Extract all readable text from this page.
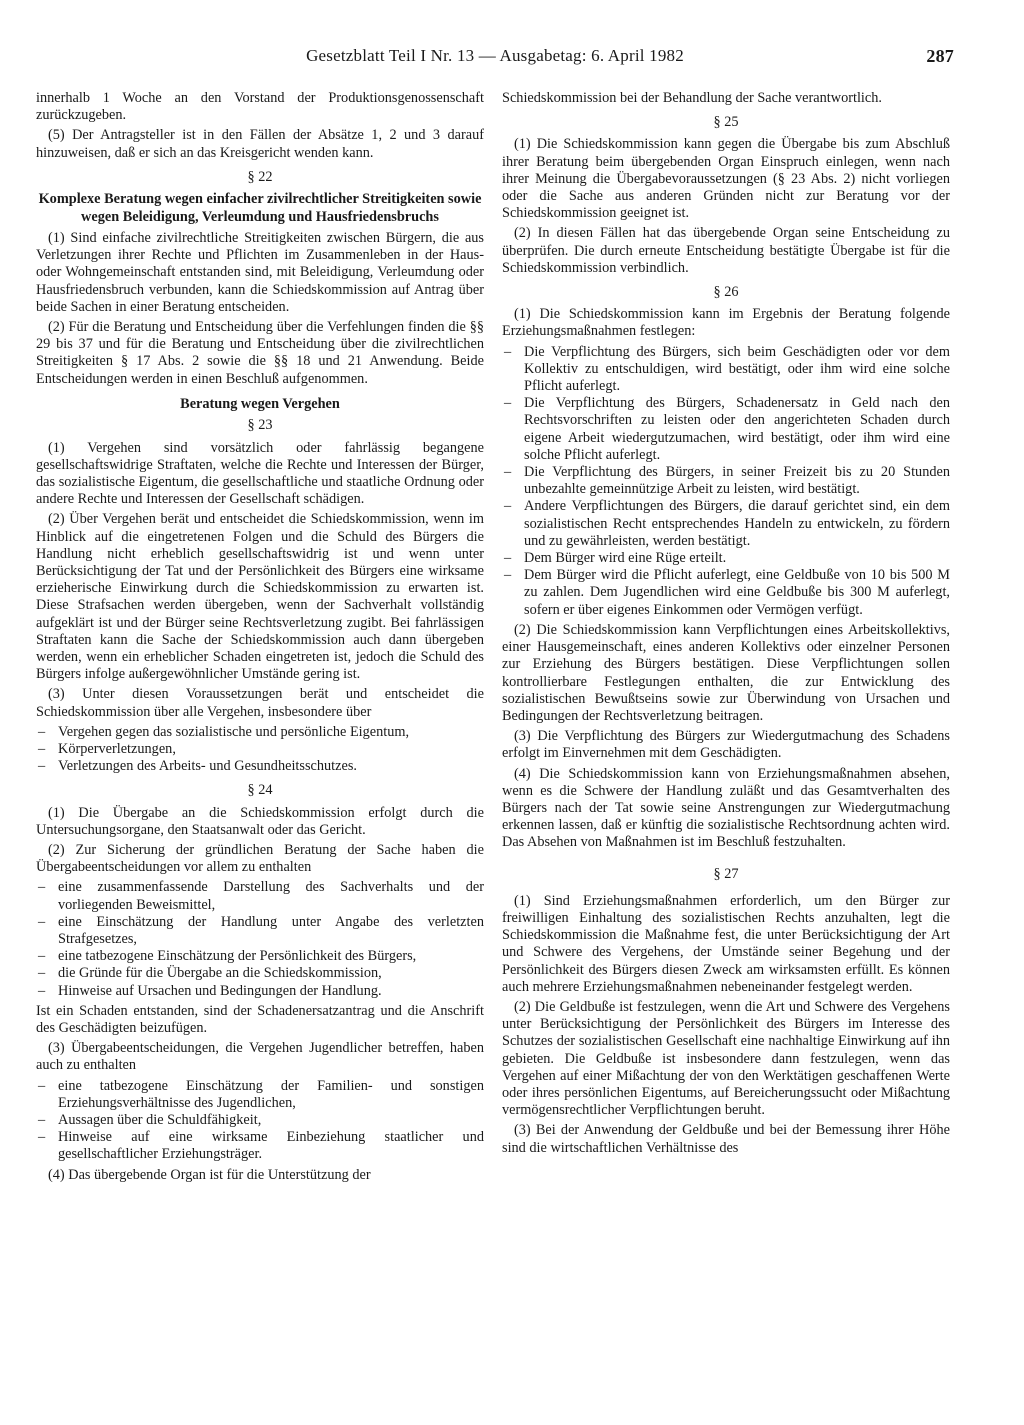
Gesetzblatt Teil I Nr. 13 — Ausgabetag: 6. April 1982	287

innerhalb 1 Woche an den Vorstand der Produktionsgenossenschaft zurückzugeben.

(5) Der Antragsteller ist in den Fällen der Absätze 1, 2 und 3 darauf hinzuweisen, daß er sich an das Kreisgericht wenden kann.

§ 22
Komplexe Beratung wegen einfacher zivilrechtlicher Streitigkeiten sowie wegen Beleidigung, Verleumdung und Hausfriedensbruchs

(1) Sind einfache zivilrechtliche Streitigkeiten zwischen Bürgern, die aus Verletzungen ihrer Rechte und Pflichten im Zusammenleben in der Haus- oder Wohngemeinschaft entstanden sind, mit Beleidigung, Verleumdung oder Hausfriedensbruch verbunden, kann die Schiedskommission auf Antrag über beide Sachen in einer Beratung entscheiden.

(2) Für die Beratung und Entscheidung über die Verfehlungen finden die §§ 29 bis 37 und für die Beratung und Entscheidung über die zivilrechtlichen Streitigkeiten § 17 Abs. 2 sowie die §§ 18 und 21 Anwendung. Beide Entscheidungen werden in einen Beschluß aufgenommen.

Beratung wegen Vergehen
§ 23

(1) Vergehen sind vorsätzlich oder fahrlässig begangene gesellschaftswidrige Straftaten, welche die Rechte und Interessen der Bürger, das sozialistische Eigentum, die gesellschaftliche und staatliche Ordnung oder andere Rechte und Interessen der Gesellschaft schädigen.

(2) Über Vergehen berät und entscheidet die Schiedskommission, wenn im Hinblick auf die eingetretenen Folgen und die Schuld des Bürgers die Handlung nicht erheblich gesellschaftswidrig ist und wenn unter Berücksichtigung der Tat und der Persönlichkeit des Bürgers eine wirksame erzieherische Einwirkung durch die Schiedskommission zu erwarten ist. Diese Strafsachen werden übergeben, wenn der Sachverhalt vollständig aufgeklärt ist und der Bürger seine Rechtsverletzung zugibt. Bei fahrlässigen Straftaten kann die Sache der Schiedskommission auch dann übergeben werden, wenn ein erheblicher Schaden eingetreten ist, jedoch die Schuld des Bürgers infolge außergewöhnlicher Umstände gering ist.

(3) Unter diesen Voraussetzungen berät und entscheidet die Schiedskommission über alle Vergehen, insbesondere über

– Vergehen gegen das sozialistische und persönliche Eigentum,
– Körperverletzungen,
– Verletzungen des Arbeits- und Gesundheitsschutzes.
§ 24

(1) Die Übergabe an die Schiedskommission erfolgt durch die Untersuchungsorgane, den Staatsanwalt oder das Gericht.

(2) Zur Sicherung der gründlichen Beratung der Sache haben die Übergabeentscheidungen vor allem zu enthalten

– eine zusammenfassende Darstellung des Sachverhalts und der vorliegenden Beweismittel,
– eine Einschätzung der Handlung unter Angabe des verletzten Strafgesetzes,
– eine tatbezogene Einschätzung der Persönlichkeit des Bürgers,
– die Gründe für die Übergabe an die Schiedskommission,
– Hinweise auf Ursachen und Bedingungen der Handlung.

Ist ein Schaden entstanden, sind der Schadenersatzantrag und die Anschrift des Geschädigten beizufügen.

(3) Übergabeentscheidungen, die Vergehen Jugendlicher betreffen, haben auch zu enthalten

– eine tatbezogene Einschätzung der Familien- und sonstigen Erziehungsverhältnisse des Jugendlichen,
– Aussagen über die Schuldfähigkeit,
– Hinweise auf eine wirksame Einbeziehung staatlicher und gesellschaftlicher Erziehungsträger.

(4) Das übergebende Organ ist für die Unterstützung der

Schiedskommission bei der Behandlung der Sache verantwortlich.

§ 25

(1) Die Schiedskommission kann gegen die Übergabe bis zum Abschluß ihrer Beratung beim übergebenden Organ Einspruch einlegen, wenn nach ihrer Meinung die Übergabevoraussetzungen (§ 23 Abs. 2) nicht vorliegen oder die Sache aus anderen Gründen nicht zur Beratung vor der Schiedskommission geeignet ist.

(2) In diesen Fällen hat das übergebende Organ seine Entscheidung zu überprüfen. Die durch erneute Entscheidung bestätigte Übergabe ist für die Schiedskommission verbindlich.

§ 26

(1) Die Schiedskommission kann im Ergebnis der Beratung folgende Erziehungsmaßnahmen festlegen:

– Die Verpflichtung des Bürgers, sich beim Geschädigten oder vor dem Kollektiv zu entschuldigen, wird bestätigt, oder ihm wird eine solche Pflicht auferlegt.
– Die Verpflichtung des Bürgers, Schadenersatz in Geld nach den Rechtsvorschriften zu leisten oder den angerichteten Schaden durch eigene Arbeit wiedergutzumachen, wird bestätigt, oder ihm wird eine solche Pflicht auferlegt.
– Die Verpflichtung des Bürgers, in seiner Freizeit bis zu 20 Stunden unbezahlte gemeinnützige Arbeit zu leisten, wird bestätigt.
– Andere Verpflichtungen des Bürgers, die darauf gerichtet sind, ein dem sozialistischen Recht entsprechendes Handeln zu entwickeln, zu fördern und zu gewährleisten, werden bestätigt.
– Dem Bürger wird eine Rüge erteilt.
– Dem Bürger wird die Pflicht auferlegt, eine Geldbuße von 10 bis 500 M zu zahlen. Dem Jugendlichen wird eine Geldbuße bis 300 M auferlegt, sofern er über eigenes Einkommen oder Vermögen verfügt.

(2) Die Schiedskommission kann Verpflichtungen eines Arbeitskollektivs, einer Hausgemeinschaft, eines anderen Kollektivs oder einzelner Personen zur Erziehung des Bürgers bestätigen. Diese Verpflichtungen sollen kontrollierbare Festlegungen enthalten, die zur Entwicklung des sozialistischen Bewußtseins sowie zur Überwindung von Ursachen und Bedingungen der Rechtsverletzung beitragen.

(3) Die Verpflichtung des Bürgers zur Wiedergutmachung des Schadens erfolgt im Einvernehmen mit dem Geschädigten.

(4) Die Schiedskommission kann von Erziehungsmaßnahmen absehen, wenn es die Schwere der Handlung zuläßt und das Gesamtverhalten des Bürgers nach der Tat sowie seine Anstrengungen zur Wiedergutmachung erkennen lassen, daß er künftig die sozialistische Rechtsordnung achten wird. Das Absehen von Maßnahmen ist im Beschluß festzuhalten.

§ 27

(1) Sind Erziehungsmaßnahmen erforderlich, um den Bürger zur freiwilligen Einhaltung des sozialistischen Rechts anzuhalten, legt die Schiedskommission die Maßnahme fest, die unter Berücksichtigung der Art und Schwere des Vergehens, der Umstände seiner Begehung und der Persönlichkeit des Bürgers diesen Zweck am wirksamsten erfüllt. Es können auch mehrere Erziehungsmaßnahmen nebeneinander festgelegt werden.

(2) Die Geldbuße ist festzulegen, wenn die Art und Schwere des Vergehens unter Berücksichtigung der Persönlichkeit des Bürgers im Interesse des Schutzes der sozialistischen Gesellschaft eine nachhaltige Einwirkung auf ihn gebieten. Die Geldbuße ist insbesondere dann festzulegen, wenn das Vergehen auf einer Mißachtung der von den Werktätigen geschaffenen Werte oder ihres persönlichen Eigentums, auf Bereicherungssucht oder Mißachtung vermögensrechtlicher Verpflichtungen beruht.

(3) Bei der Anwendung der Geldbuße und bei der Bemessung ihrer Höhe sind die wirtschaftlichen Verhältnisse des
